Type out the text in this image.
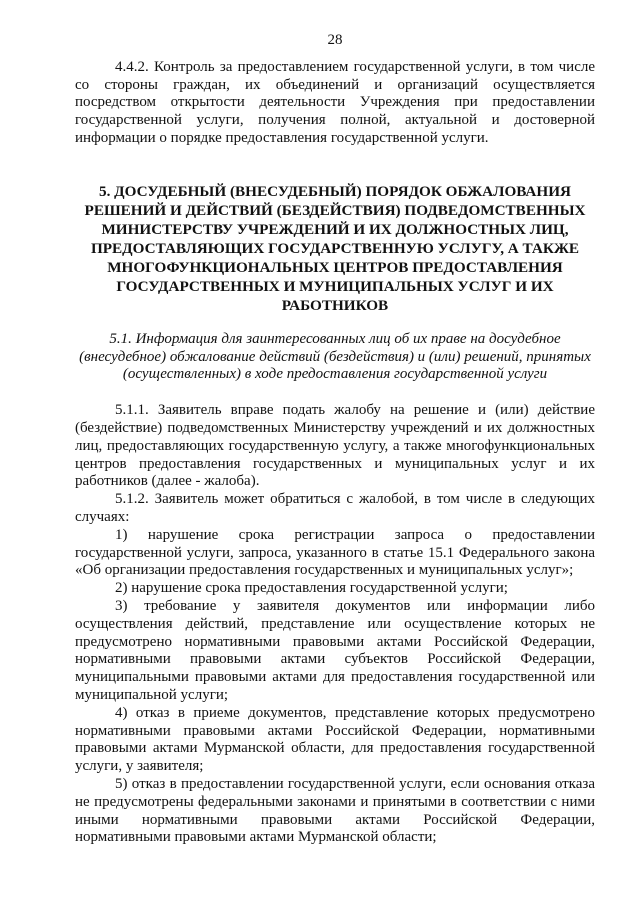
28

4.4.2. Контроль за предоставлением государственной услуги, в том числе со стороны граждан, их объединений и организаций осуществляется посредством открытости деятельности Учреждения при предоставлении государственной услуги, получения полной, актуальной и достоверной информации о порядке предоставления государственной услуги.

5. ДОСУДЕБНЫЙ (ВНЕСУДЕБНЫЙ) ПОРЯДОК ОБЖАЛОВАНИЯ РЕШЕНИЙ И ДЕЙСТВИЙ (БЕЗДЕЙСТВИЯ) ПОДВЕДОМСТВЕННЫХ МИНИСТЕРСТВУ УЧРЕЖДЕНИЙ И ИХ ДОЛЖНОСТНЫХ ЛИЦ, ПРЕДОСТАВЛЯЮЩИХ ГОСУДАРСТВЕННУЮ УСЛУГУ, А ТАКЖЕ МНОГОФУНКЦИОНАЛЬНЫХ ЦЕНТРОВ ПРЕДОСТАВЛЕНИЯ ГОСУДАРСТВЕННЫХ И МУНИЦИПАЛЬНЫХ УСЛУГ И ИХ РАБОТНИКОВ

5.1. Информация для заинтересованных лиц об их праве на досудебное (внесудебное) обжалование действий (бездействия) и (или) решений, принятых (осуществленных) в ходе предоставления государственной услуги

5.1.1. Заявитель вправе подать жалобу на решение и (или) действие (бездействие) подведомственных Министерству учреждений и их должностных лиц, предоставляющих государственную услугу, а также многофункциональных центров предоставления государственных и муниципальных услуг и их работников (далее - жалоба).

5.1.2. Заявитель может обратиться с жалобой, в том числе в следующих случаях:

1) нарушение срока регистрации запроса о предоставлении государственной услуги, запроса, указанного в статье 15.1 Федерального закона «Об организации предоставления государственных и муниципальных услуг»;

2) нарушение срока предоставления государственной услуги;

3) требование у заявителя документов или информации либо осуществления действий, представление или осуществление которых не предусмотрено нормативными правовыми актами Российской Федерации, нормативными правовыми актами субъектов Российской Федерации, муниципальными правовыми актами для предоставления государственной или муниципальной услуги;

4) отказ в приеме документов, представление которых предусмотрено нормативными правовыми актами Российской Федерации, нормативными правовыми актами Мурманской области, для предоставления государственной услуги, у заявителя;

5) отказ в предоставлении государственной услуги, если основания отказа не предусмотрены федеральными законами и принятыми в соответствии с ними иными нормативными правовыми актами Российской Федерации, нормативными правовыми актами Мурманской области;
